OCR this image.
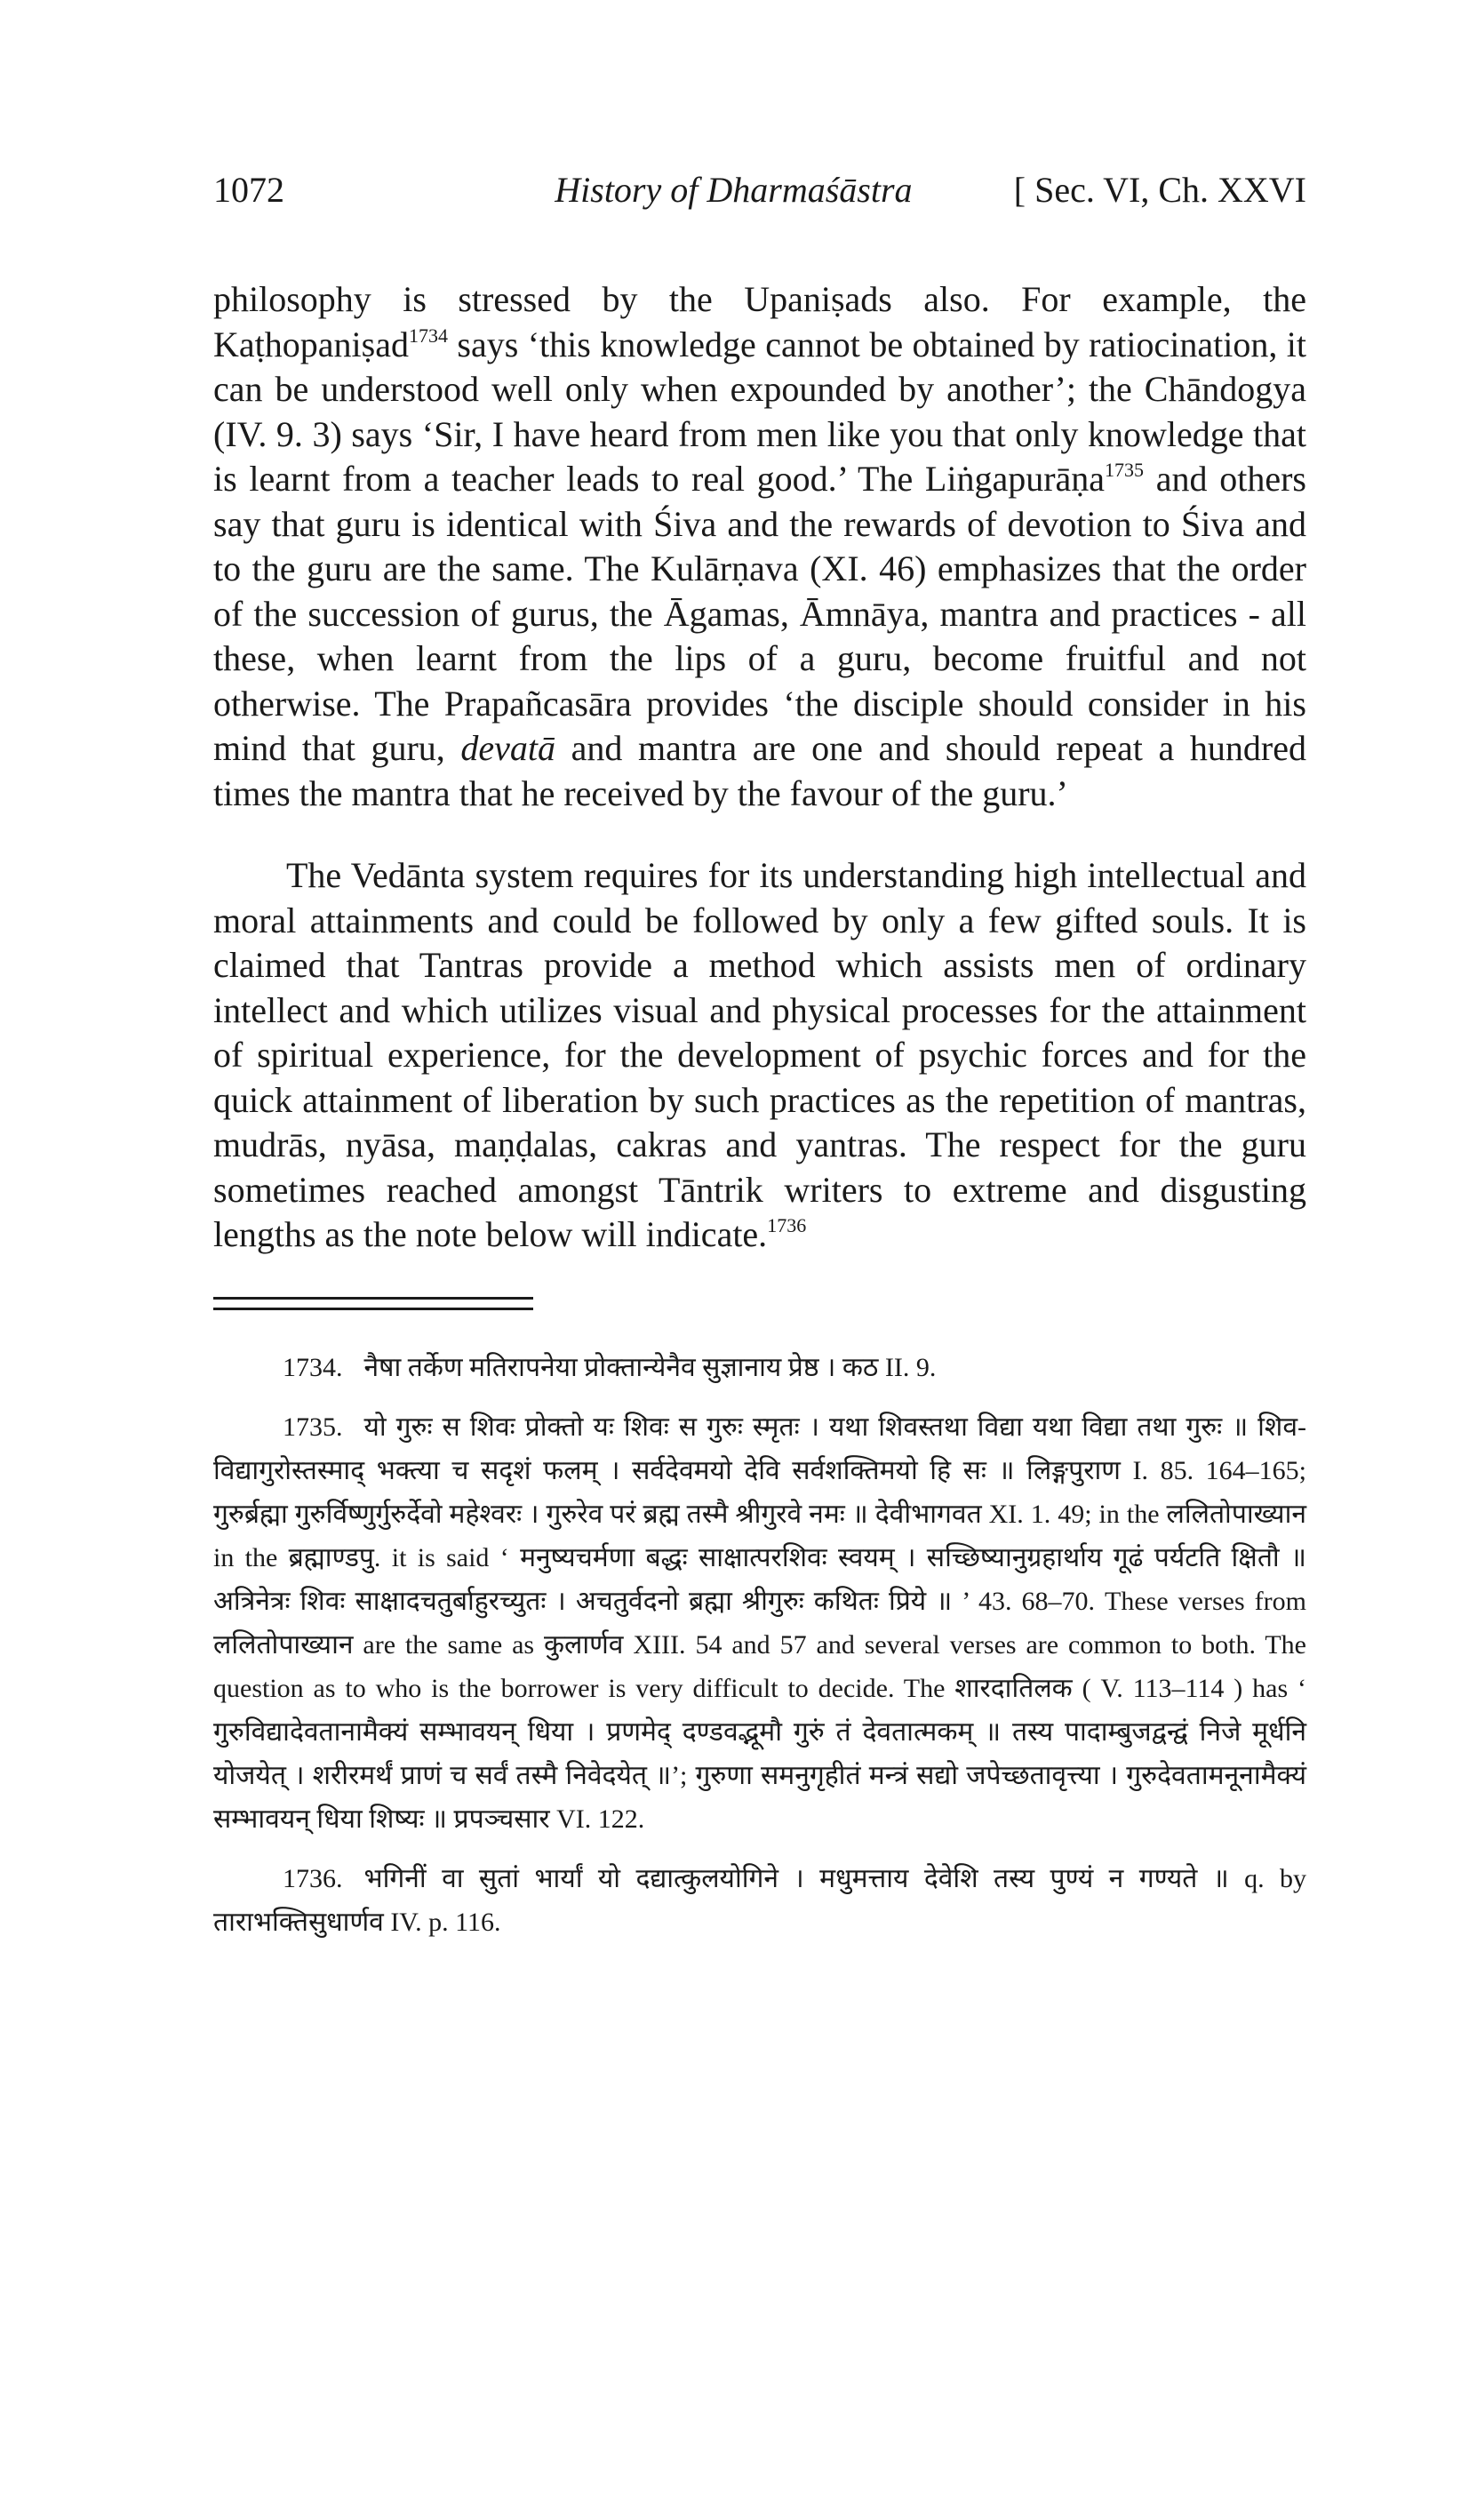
1072	History of Dharmaśāstra	[ Sec. VI, Ch. XXVI

philosophy is stressed by the Upaniṣads also. For example, the Kaṭhopaniṣad$^{1734}$ says ‘this knowledge cannot be obtained by ratiocination, it can be understood well only when expounded by another’; the Chāndogya (IV. 9. 3) says ‘Sir, I have heard from men like you that only knowledge that is learnt from a teacher leads to real good.’ The Liṅgapurāṇa$^{1735}$ and others say that guru is identical with Śiva and the rewards of devotion to Śiva and to the guru are the same. The Kulārṇava (XI. 46) emphasizes that the order of the succession of gurus, the Āgamas, Āmnāya, mantra and practices - all these, when learnt from the lips of a guru, become fruitful and not otherwise. The Prapañcasāra provides ‘the disciple should consider in his mind that guru, devatā and mantra are one and should repeat a hundred times the mantra that he received by the favour of the guru.’

The Vedānta system requires for its understanding high intellectual and moral attainments and could be followed by only a few gifted souls. It is claimed that Tantras provide a method which assists men of ordinary intellect and which utilizes visual and physical processes for the attainment of spiritual experience, for the development of psychic forces and for the quick attainment of liberation by such practices as the repetition of mantras, mudrās, nyāsa, maṇḍalas, cakras and yantras. The respect for the guru sometimes reached amongst Tāntrik writers to extreme and disgusting lengths as the note below will indicate.$^{1736}$

1734. नैषा तर्केण मतिरापनेया प्रोक्तान्येनैव सुज्ञानाय प्रेष्ठ । कठ II. 9.

1735. यो गुरुः स शिवः प्रोक्तो यः शिवः स गुरुः स्मृतः । यथा शिवस्तथा विद्या यथा विद्या तथा गुरुः ॥ शिव-विद्यागुरोस्तस्माद् भक्त्या च सदृशं फलम् । सर्वदेवमयो देवि सर्वशक्तिमयो हि सः ॥ लिङ्गपुराण I. 85. 164–165; गुरुर्ब्रह्मा गुरुर्विष्णुर्गुरुर्देवो महेश्वरः । गुरुरेव परं ब्रह्म तस्मै श्रीगुरवे नमः ॥ देवीभागवत XI. 1. 49; in the ललितोपाख्यान in the ब्रह्माण्डपु. it is said ‘ मनुष्यचर्मणा बद्धः साक्षात्परशिवः स्वयम् । सच्छिष्यानुग्रहार्थाय गूढं पर्यटति क्षितौ ॥ अत्रिनेत्रः शिवः साक्षादचतुर्बाहुरच्युतः । अचतुर्वदनो ब्रह्मा श्रीगुरुः कथितः प्रिये ॥ ’ 43. 68–70. These verses from ललितोपाख्यान are the same as कुलार्णव XIII. 54 and 57 and several verses are common to both. The question as to who is the borrower is very difficult to decide. The शारदातिलक ( V. 113–114 ) has ‘ गुरुविद्यादेवतानामैक्यं सम्भावयन् धिया । प्रणमेद् दण्डवद्भूमौ गुरुं तं देवतात्मकम् ॥ तस्य पादाम्बुजद्वन्द्वं निजे मूर्धनि योजयेत् । शरीरमर्थं प्राणं च सर्वं तस्मै निवेदयेत् ॥’; गुरुणा समनुगृहीतं मन्त्रं सद्यो जपेच्छतावृत्त्या । गुरुदेवतामनूनामैक्यं सम्भावयन् धिया शिष्यः ॥ प्रपञ्चसार VI. 122.

1736. भगिनीं वा सुतां भार्यां यो दद्यात्कुलयोगिने । मधुमत्ताय देवेशि तस्य पुण्यं न गण्यते ॥ q. by ताराभक्तिसुधार्णव IV. p. 116.
